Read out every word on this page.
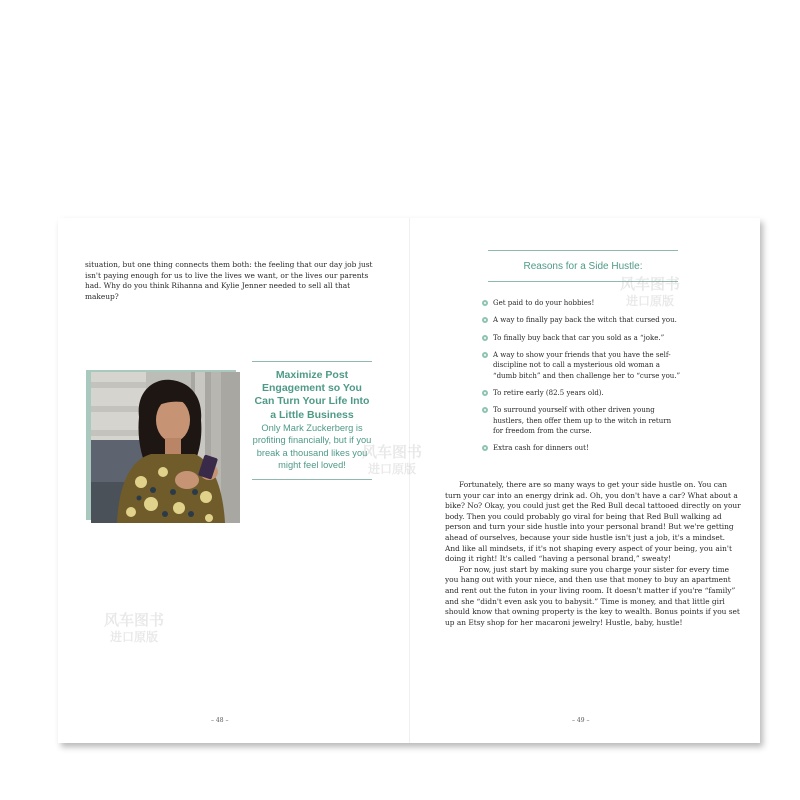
situation, but one thing connects them both: the feeling that our day job just isn't paying enough for us to live the lives we want, or the lives our parents had. Why do you think Rihanna and Kylie Jenner needed to sell all that makeup?

Maximize Post Engagement so You Can Turn Your Life Into a Little Business
Only Mark Zuckerberg is profiting financially, but if you break a thousand likes you might feel loved!
– 48 –
Reasons for a Side Hustle:
Get paid to do your hobbies!
A way to finally pay back the witch that cursed you.
To finally buy back that car you sold as a “joke.”
A way to show your friends that you have the self-discipline not to call a mysterious old woman a “dumb bitch” and then challenge her to “curse you.”
To retire early (82.5 years old).
To surround yourself with other driven young hustlers, then offer them up to the witch in return for freedom from the curse.
Extra cash for dinners out!

Fortunately, there are so many ways to get your side hustle on. You can turn your car into an energy drink ad. Oh, you don't have a car? What about a bike? No? Okay, you could just get the Red Bull decal tattooed directly on your body. Then you could probably go viral for being that Red Bull walking ad person and turn your side hustle into your personal brand! But we're getting ahead of ourselves, because your side hustle isn't just a job, it's a mindset. And like all mindsets, if it's not shaping every aspect of your being, you ain't doing it right! It's called “having a personal brand,” sweaty!

For now, just start by making sure you charge your sister for every time you hang out with your niece, and then use that money to buy an apartment and rent out the futon in your living room. It doesn't matter if you're “family” and she “didn't even ask you to babysit.” Time is money, and that little girl should know that owning property is the key to wealth. Bonus points if you set up an Etsy shop for her macaroni jewelry! Hustle, baby, hustle!

– 49 –
风车图书
进口原版
风车图书
进口原版
风车图书
进口原版
